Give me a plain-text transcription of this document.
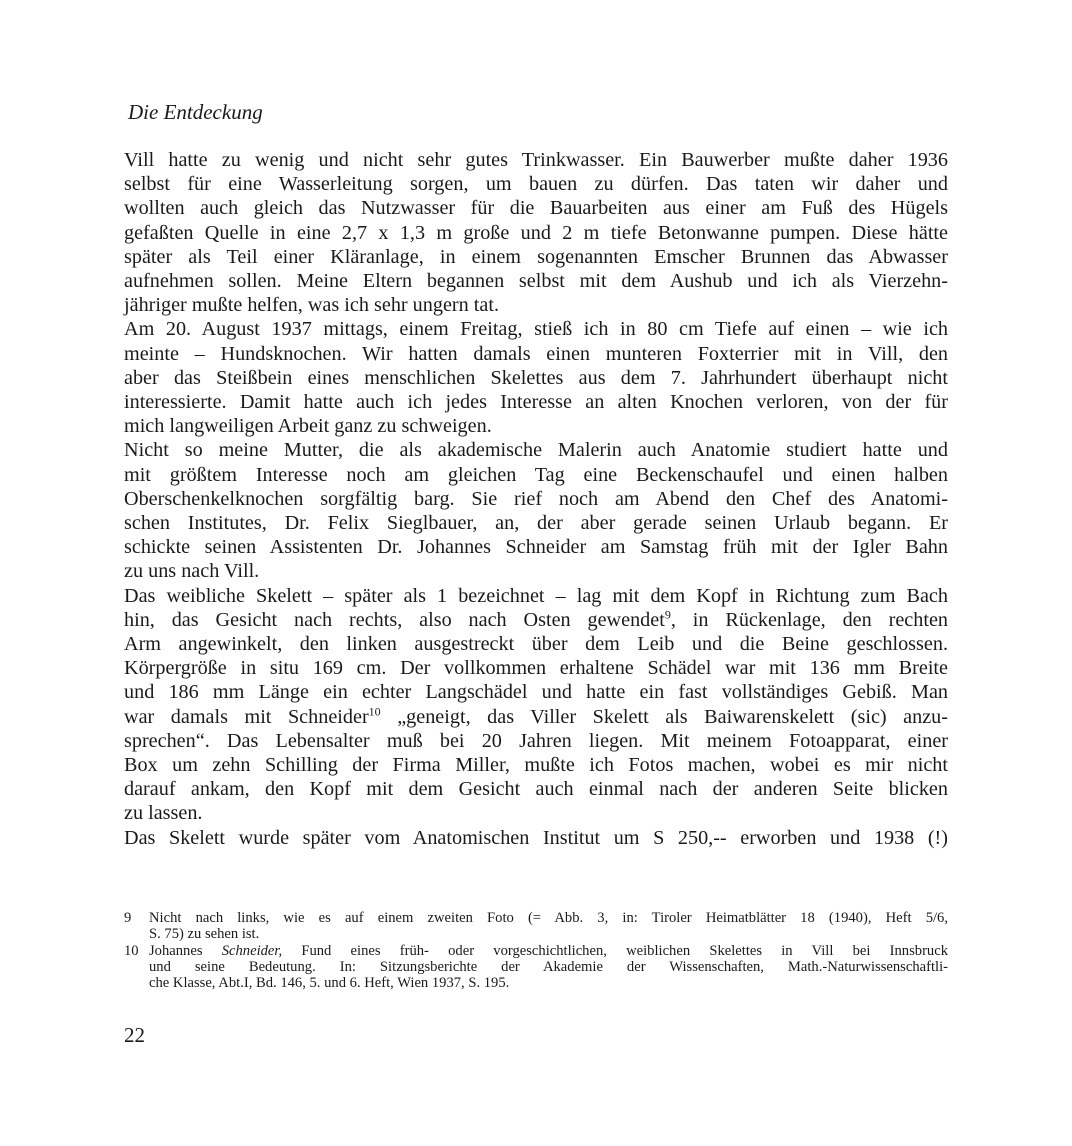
Die Entdeckung

Vill hatte zu wenig und nicht sehr gutes Trinkwasser. Ein Bauwerber mußte daher 1936
selbst für eine Wasserleitung sorgen, um bauen zu dürfen. Das taten wir daher und
wollten auch gleich das Nutzwasser für die Bauarbeiten aus einer am Fuß des Hügels
gefaßten Quelle in eine 2,7 x 1,3 m große und 2 m tiefe Betonwanne pumpen. Diese hätte
später als Teil einer Kläranlage, in einem sogenannten Emscher Brunnen das Abwasser
aufnehmen sollen. Meine Eltern begannen selbst mit dem Aushub und ich als Vierzehn-
jähriger mußte helfen, was ich sehr ungern tat.

Am 20. August 1937 mittags, einem Freitag, stieß ich in 80 cm Tiefe auf einen – wie ich
meinte – Hundsknochen. Wir hatten damals einen munteren Foxterrier mit in Vill, den
aber das Steißbein eines menschlichen Skelettes aus dem 7. Jahrhundert überhaupt nicht
interessierte. Damit hatte auch ich jedes Interesse an alten Knochen verloren, von der für
mich langweiligen Arbeit ganz zu schweigen.

Nicht so meine Mutter, die als akademische Malerin auch Anatomie studiert hatte und
mit größtem Interesse noch am gleichen Tag eine Beckenschaufel und einen halben
Oberschenkelknochen sorgfältig barg. Sie rief noch am Abend den Chef des Anatomi-
schen Institutes, Dr. Felix Sieglbauer, an, der aber gerade seinen Urlaub begann. Er
schickte seinen Assistenten Dr. Johannes Schneider am Samstag früh mit der Igler Bahn
zu uns nach Vill.

Das weibliche Skelett – später als 1 bezeichnet – lag mit dem Kopf in Richtung zum Bach
hin, das Gesicht nach rechts, also nach Osten gewendet$^9$, in Rückenlage, den rechten
Arm angewinkelt, den linken ausgestreckt über dem Leib und die Beine geschlossen.
Körpergröße in situ 169 cm. Der vollkommen erhaltene Schädel war mit 136 mm Breite
und 186 mm Länge ein echter Langschädel und hatte ein fast vollständiges Gebiß. Man
war damals mit Schneider$^{10}$ „geneigt, das Viller Skelett als Baiwarenskelett (sic) anzu-
sprechen“. Das Lebensalter muß bei 20 Jahren liegen. Mit meinem Fotoapparat, einer
Box um zehn Schilling der Firma Miller, mußte ich Fotos machen, wobei es mir nicht
darauf ankam, den Kopf mit dem Gesicht auch einmal nach der anderen Seite blicken
zu lassen.

Das Skelett wurde später vom Anatomischen Institut um S 250,-- erworben und 1938 (!)

9 Nicht nach links, wie es auf einem zweiten Foto (= Abb. 3, in: Tiroler Heimatblätter 18 (1940), Heft 5/6,
S. 75) zu sehen ist.
10 Johannes Schneider, Fund eines früh- oder vorgeschichtlichen, weiblichen Skelettes in Vill bei Innsbruck
und seine Bedeutung. In: Sitzungsberichte der Akademie der Wissenschaften, Math.-Naturwissenschaftli-
che Klasse, Abt.I, Bd. 146, 5. und 6. Heft, Wien 1937, S. 195.
22
